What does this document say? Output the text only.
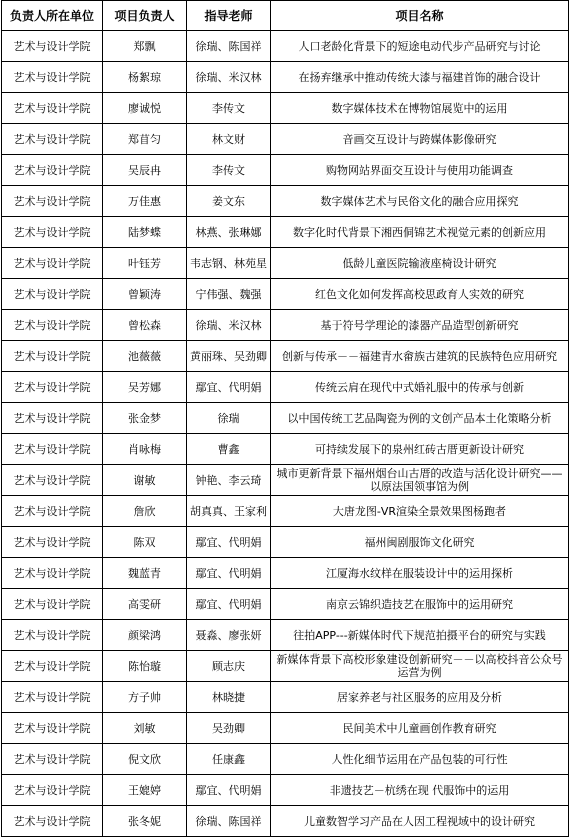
负责人所在单位	项目负责人	指导老师	项目名称
艺术与设计学院	郑飘	徐瑞、陈国祥	人口老龄化背景下的短途电动代步产品研究与讨论
艺术与设计学院	杨絮琼	徐瑞、米汉林	在扬弃继承中推动传统大漆与福建首饰的融合设计
艺术与设计学院	廖诚悦	李传文	数字媒体技术在博物馆展览中的运用
艺术与设计学院	郑苜匀	林文财	音画交互设计与跨媒体影像研究
艺术与设计学院	吴辰冉	李传文	购物网站界面交互设计与使用功能调查
艺术与设计学院	万佳惠	姜文东	数字媒体艺术与民俗文化的融合应用探究
艺术与设计学院	陆梦蝶	林燕、张琳娜	数字化时代背景下湘西侗锦艺术视觉元素的创新应用
艺术与设计学院	叶钰芳	韦志钢、林苑星	低龄儿童医院输液座椅设计研究
艺术与设计学院	曾颖涛	宁伟强、魏强	红色文化如何发挥高校思政育人实效的研究
艺术与设计学院	曾松森	徐瑞、米汉林	基于符号学理论的漆器产品造型创新研究
艺术与设计学院	池薇薇	黄丽珠、吴劲卿	创新与传承－－福建青水畲族古建筑的民族特色应用研究
艺术与设计学院	吴芳娜	鄢宜、代明娟	传统云肩在现代中式婚礼服中的传承与创新
艺术与设计学院	张金梦	徐瑞	以中国传统工艺品陶瓷为例的文创产品本土化策略分析
艺术与设计学院	肖咏梅	曹鑫	可持续发展下的泉州红砖古厝更新设计研究
艺术与设计学院	谢敏	钟艳、李云琦	城市更新背景下福州烟台山古厝的改造与活化设计研究——以原法国领事馆为例
艺术与设计学院	詹欣	胡真真、王家利	大唐龙图-VR渲染全景效果图杨跑者
艺术与设计学院	陈双	鄢宜、代明娟	福州闽剧服饰文化研究
艺术与设计学院	魏蓝青	鄢宜、代明娟	江厦海水纹样在服装设计中的运用探析
艺术与设计学院	高雯研	鄢宜、代明娟	南京云锦织造技艺在服饰中的运用研究
艺术与设计学院	颜梁鸿	聂淼、廖张妍	往拍APP---新媒体时代下规范拍摄平台的研究与实践
艺术与设计学院	陈怡璇	顾志庆	新媒体背景下高校形象建设创新研究－－以高校抖音公众号运营为例
艺术与设计学院	方子帅	林晓捷	居家养老与社区服务的应用及分析
艺术与设计学院	刘敏	吴劲卿	民间美术中儿童画创作教育研究
艺术与设计学院	倪文欣	任康鑫	人性化细节运用在产品包装的可行性
艺术与设计学院	王媲婷	鄢宜、代明娟	非遗技艺－杭绣在现 代服饰中的运用
艺术与设计学院	张冬妮	徐瑞、陈国祥	儿童数智学习产品在人因工程视域中的设计研究
